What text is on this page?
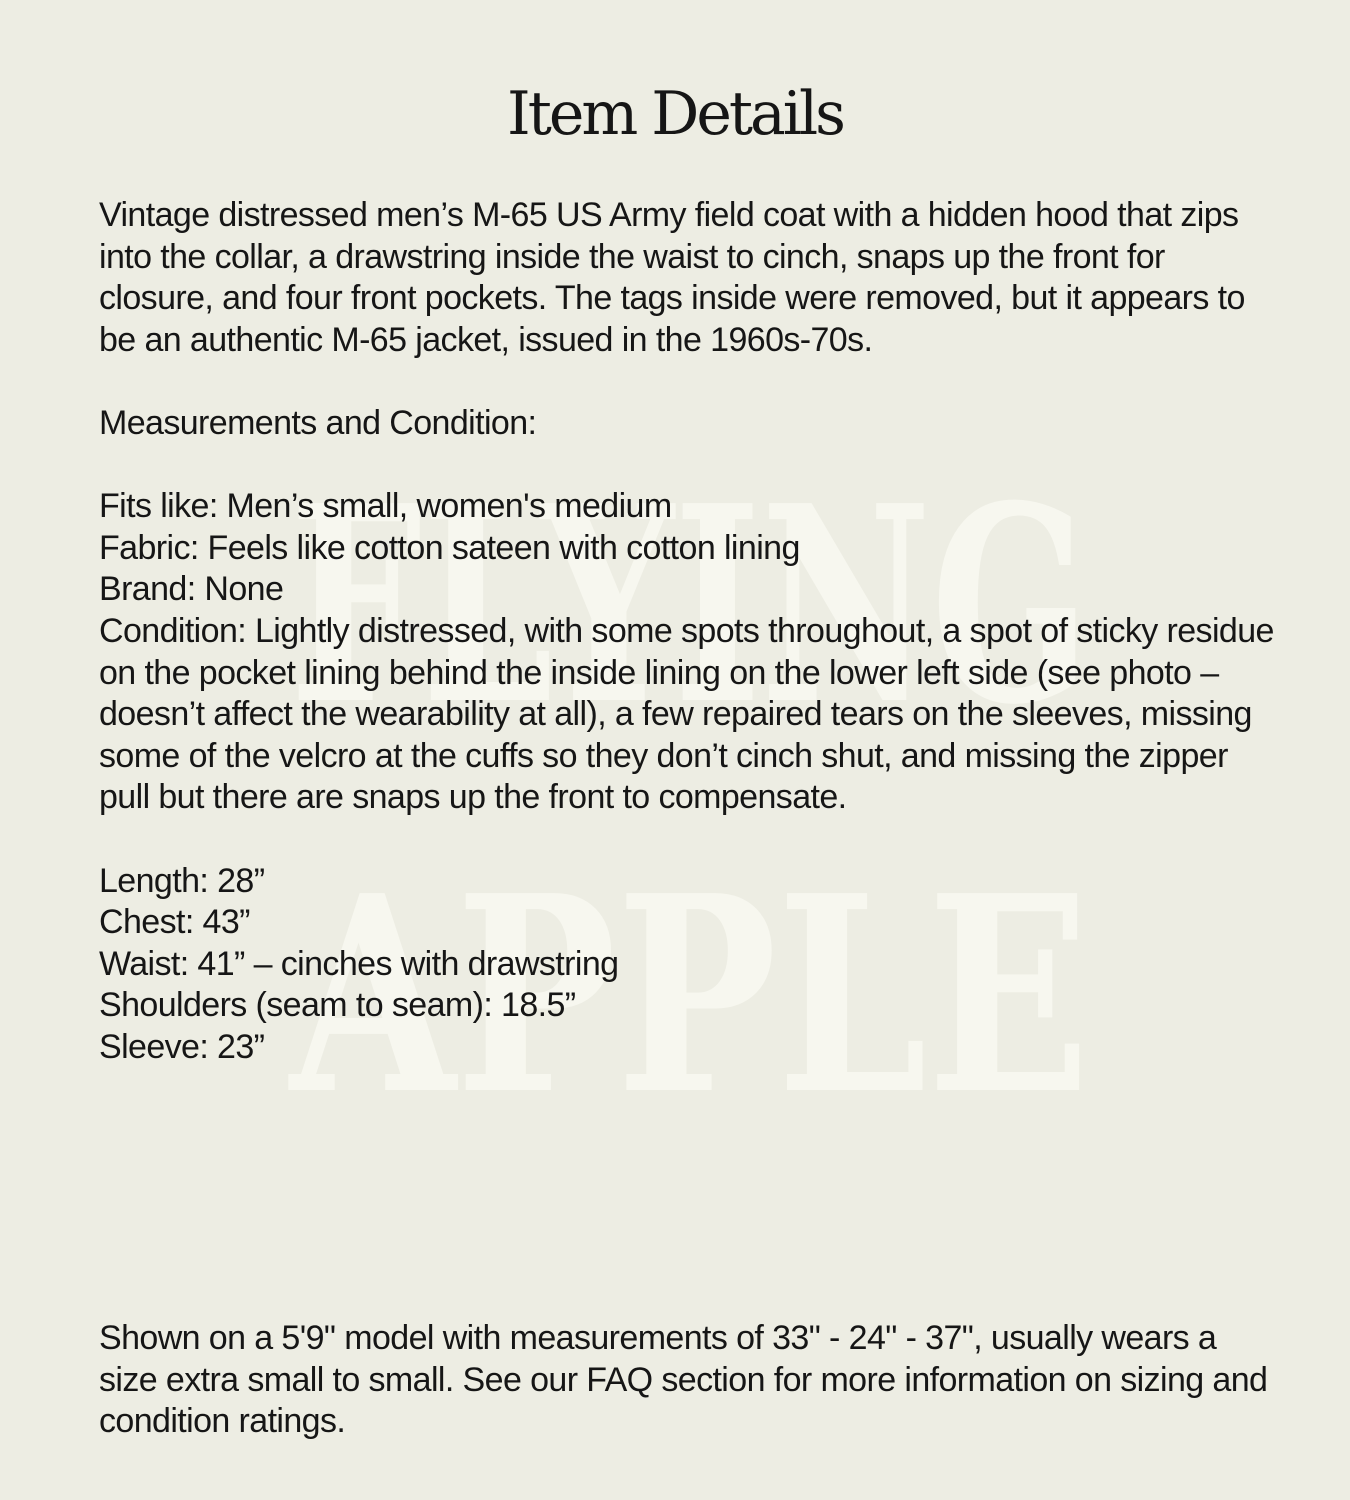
FLYING
APPLE
Item Details

Vintage distressed men’s M-65 US Army field coat with a hidden hood that zips into the collar, a drawstring inside the waist to cinch, snaps up the front for closure, and four front pockets. The tags inside were removed, but it appears to be an authentic M-65 jacket, issued in the 1960s-70s.

Measurements and Condition:

Fits like: Men’s small, women's medium

Fabric: Feels like cotton sateen with cotton lining

Brand: None

Condition: Lightly distressed, with some spots throughout, a spot of sticky residue on the pocket lining behind the inside lining on the lower left side (see photo – doesn’t affect the wearability at all), a few repaired tears on the sleeves, missing some of the velcro at the cuffs so they don’t cinch shut, and missing the zipper pull but there are snaps up the front to compensate.

Length: 28”

Chest: 43”

Waist: 41” – cinches with drawstring

Shoulders (seam to seam): 18.5”

Sleeve: 23”

Shown on a 5'9" model with measurements of 33" - 24" - 37", usually wears a size extra small to small. See our FAQ section for more information on sizing and condition ratings.
